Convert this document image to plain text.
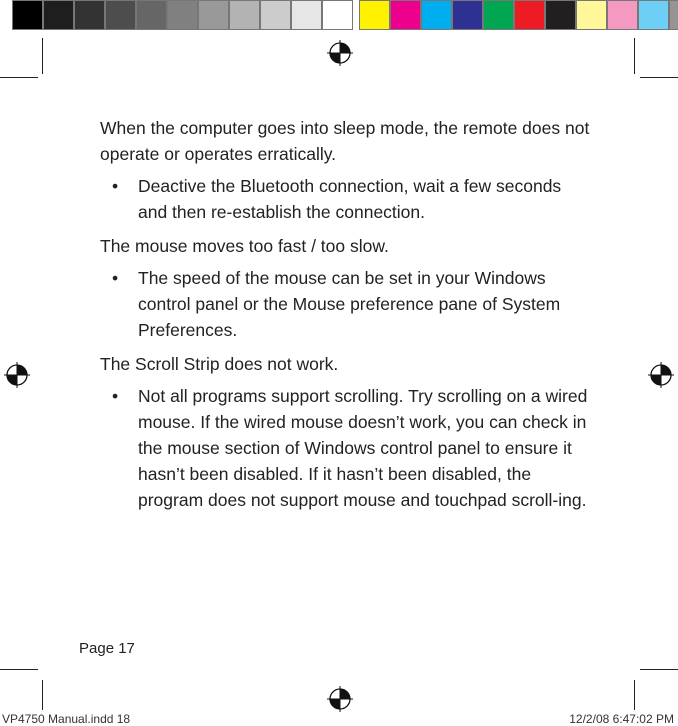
When the computer goes into sleep mode, the remote does not operate or operates erratically.

•	Deactive the Bluetooth connection, wait a few seconds and then re-establish the connection.

The mouse moves too fast / too slow.

•	The speed of the mouse can be set in your Windows control panel or the Mouse preference pane of System Preferences.

The Scroll Strip does not work.

•	Not all programs support scrolling. Try scrolling on a wired mouse. If the wired mouse doesn’t work, you can check in the mouse section of Windows control panel to ensure it hasn’t been disabled. If it hasn’t been disabled, the program does not support mouse and touchpad scroll-ing.
Page 17
VP4750 Manual.indd 18	12/2/08 6:47:02 PM
